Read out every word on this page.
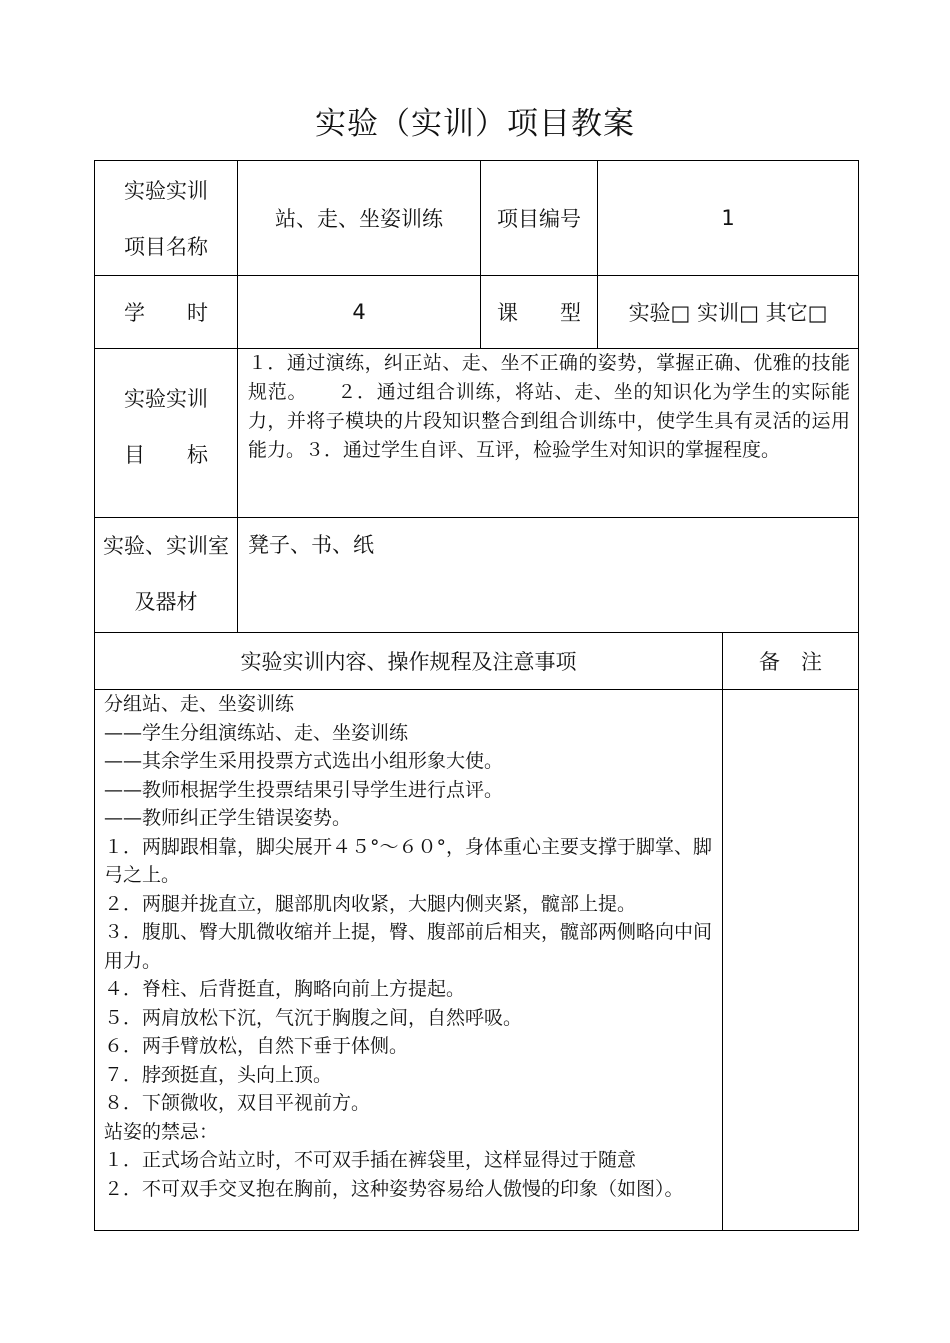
实验（实训）项目教案
实验实训
项目名称
站、走、坐姿训练	项目编号	1
学　　时	4	课　　型	实验□ 实训□ 其它□
实验实训
目　　标
１．通过演练，纠正站、走、坐不正确的姿势，掌握正确、优雅的技能规范。　　２．通过组合训练，将站、走、坐的知识化为学生的实际能力，并将子模块的片段知识整合到组合训练中，使学生具有灵活的运用能力。３．通过学生自评、互评，检验学生对知识的掌握程度。
实验、实训室
及器材
凳子、书、纸
实验实训内容、操作规程及注意事项	备　注
分组站、走、坐姿训练
——学生分组演练站、走、坐姿训练
——其余学生采用投票方式选出小组形象大使。
——教师根据学生投票结果引导学生进行点评。
——教师纠正学生错误姿势。
１．两脚跟相靠，脚尖展开４５°～６０°，身体重心主要支撑于脚掌、脚弓之上。
２．两腿并拢直立，腿部肌肉收紧，大腿内侧夹紧，髋部上提。
３．腹肌、臀大肌微收缩并上提，臀、腹部前后相夹，髋部两侧略向中间用力。
４．脊柱、后背挺直，胸略向前上方提起。
５．两肩放松下沉，气沉于胸腹之间，自然呼吸。
６．两手臂放松，自然下垂于体侧。
７．脖颈挺直，头向上顶。
８．下颌微收，双目平视前方。
站姿的禁忌：
１．正式场合站立时，不可双手插在裤袋里，这样显得过于随意
２．不可双手交叉抱在胸前，这种姿势容易给人傲慢的印象（如图）。
